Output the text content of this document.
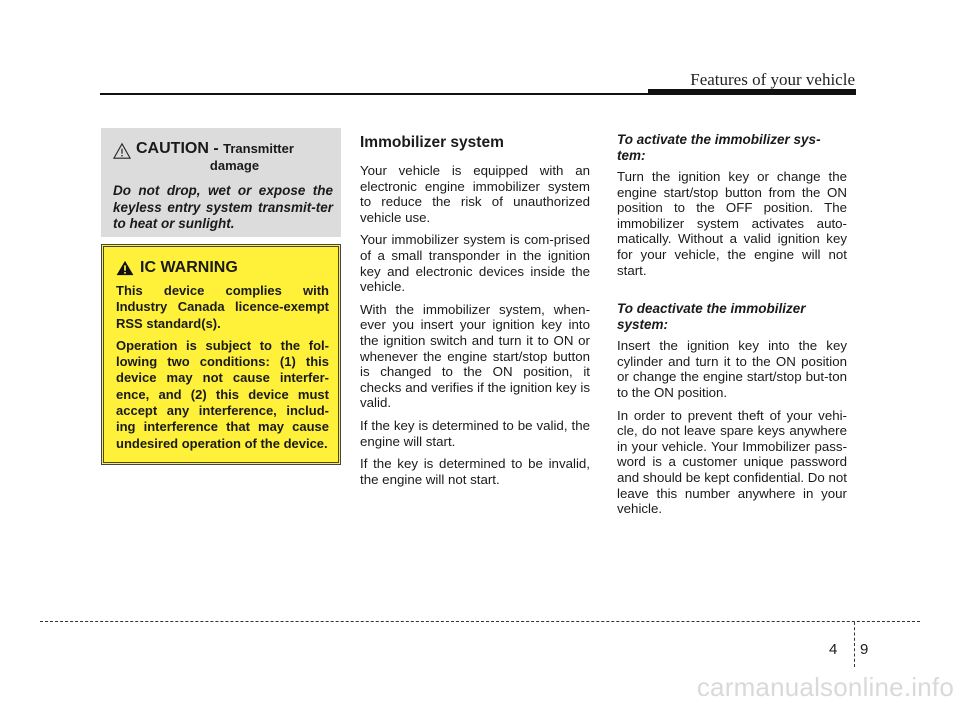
Features of your vehicle
CAUTION - Transmitter
damage
Do not drop, wet or expose the keyless entry system transmit-ter to heat or sunlight.
IC WARNING

This device complies with Industry Canada licence-exempt RSS standard(s).

Operation is subject to the fol-lowing two conditions: (1) this device may not cause interfer-ence, and (2) this device must accept any interference, includ-ing interference that may cause undesired operation of the device.

Immobilizer system

Your vehicle is equipped with an electronic engine immobilizer system to reduce the risk of unauthorized vehicle use.

Your immobilizer system is com-prised of a small transponder in the ignition key and electronic devices inside the vehicle.

With the immobilizer system, when-ever you insert your ignition key into the ignition switch and turn it to ON or whenever the engine start/stop button is changed to the ON position, it checks and verifies if the ignition key is valid.

If the key is determined to be valid, the engine will start.

If the key is determined to be invalid, the engine will not start.

To activate the immobilizer sys-tem:

Turn the ignition key or change the engine start/stop button from the ON position to the OFF position. The immobilizer system activates auto-matically. Without a valid ignition key for your vehicle, the engine will not start.

To deactivate the immobilizer system:

Insert the ignition key into the key cylinder and turn it to the ON position or change the engine start/stop but-ton to the ON position.

In order to prevent theft of your vehi-cle, do not leave spare keys anywhere in your vehicle. Your Immobilizer pass-word is a customer unique password and should be kept confidential. Do not leave this number anywhere in your vehicle.

4 9
carmanualsonline.info
